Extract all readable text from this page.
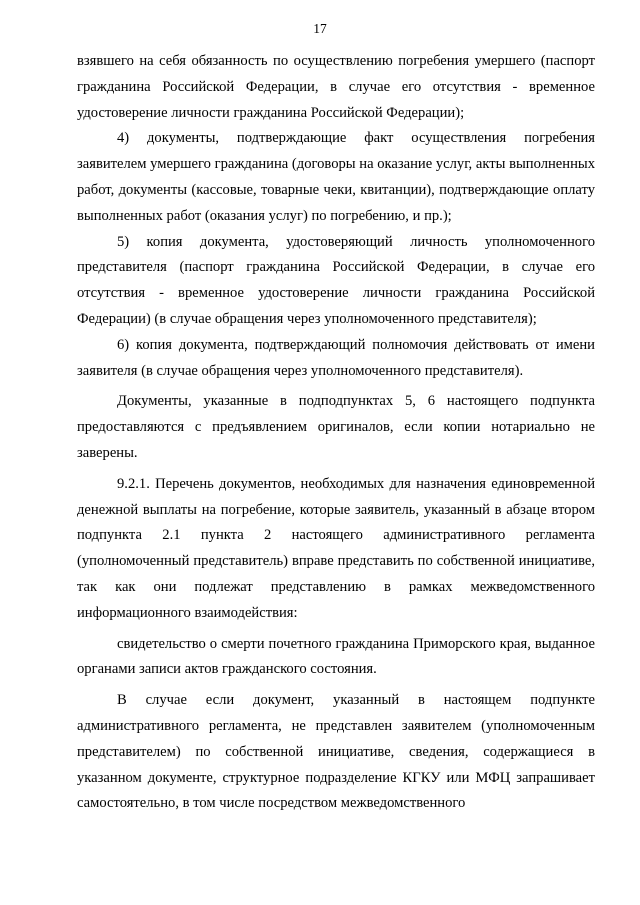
17

взявшего на себя обязанность по осуществлению погребения умершего (паспорт гражданина Российской Федерации, в случае его отсутствия - временное удостоверение личности гражданина Российской Федерации);

4) документы, подтверждающие факт осуществления погребения заявителем умершего гражданина (договоры на оказание услуг, акты выполненных работ, документы (кассовые, товарные чеки, квитанции), подтверждающие оплату выполненных работ (оказания услуг) по погребению, и пр.);

5) копия документа, удостоверяющий личность уполномоченного представителя (паспорт гражданина Российской Федерации, в случае его отсутствия - временное удостоверение личности гражданина Российской Федерации) (в случае обращения через уполномоченного представителя);

6) копия документа, подтверждающий полномочия действовать от имени заявителя (в случае обращения через уполномоченного представителя).

Документы, указанные в подподпунктах 5, 6 настоящего подпункта предоставляются с предъявлением оригиналов, если копии нотариально не заверены.

9.2.1. Перечень документов, необходимых для назначения единовременной денежной выплаты на погребение, которые заявитель, указанный в абзаце втором подпункта 2.1 пункта 2 настоящего административного регламента (уполномоченный представитель) вправе представить по собственной инициативе, так как они подлежат представлению в рамках межведомственного информационного взаимодействия:

свидетельство о смерти почетного гражданина Приморского края, выданное органами записи актов гражданского состояния.

В случае если документ, указанный в настоящем подпункте административного регламента, не представлен заявителем (уполномоченным представителем) по собственной инициативе, сведения, содержащиеся в указанном документе, структурное подразделение КГКУ или МФЦ запрашивает самостоятельно, в том числе посредством межведомственного
